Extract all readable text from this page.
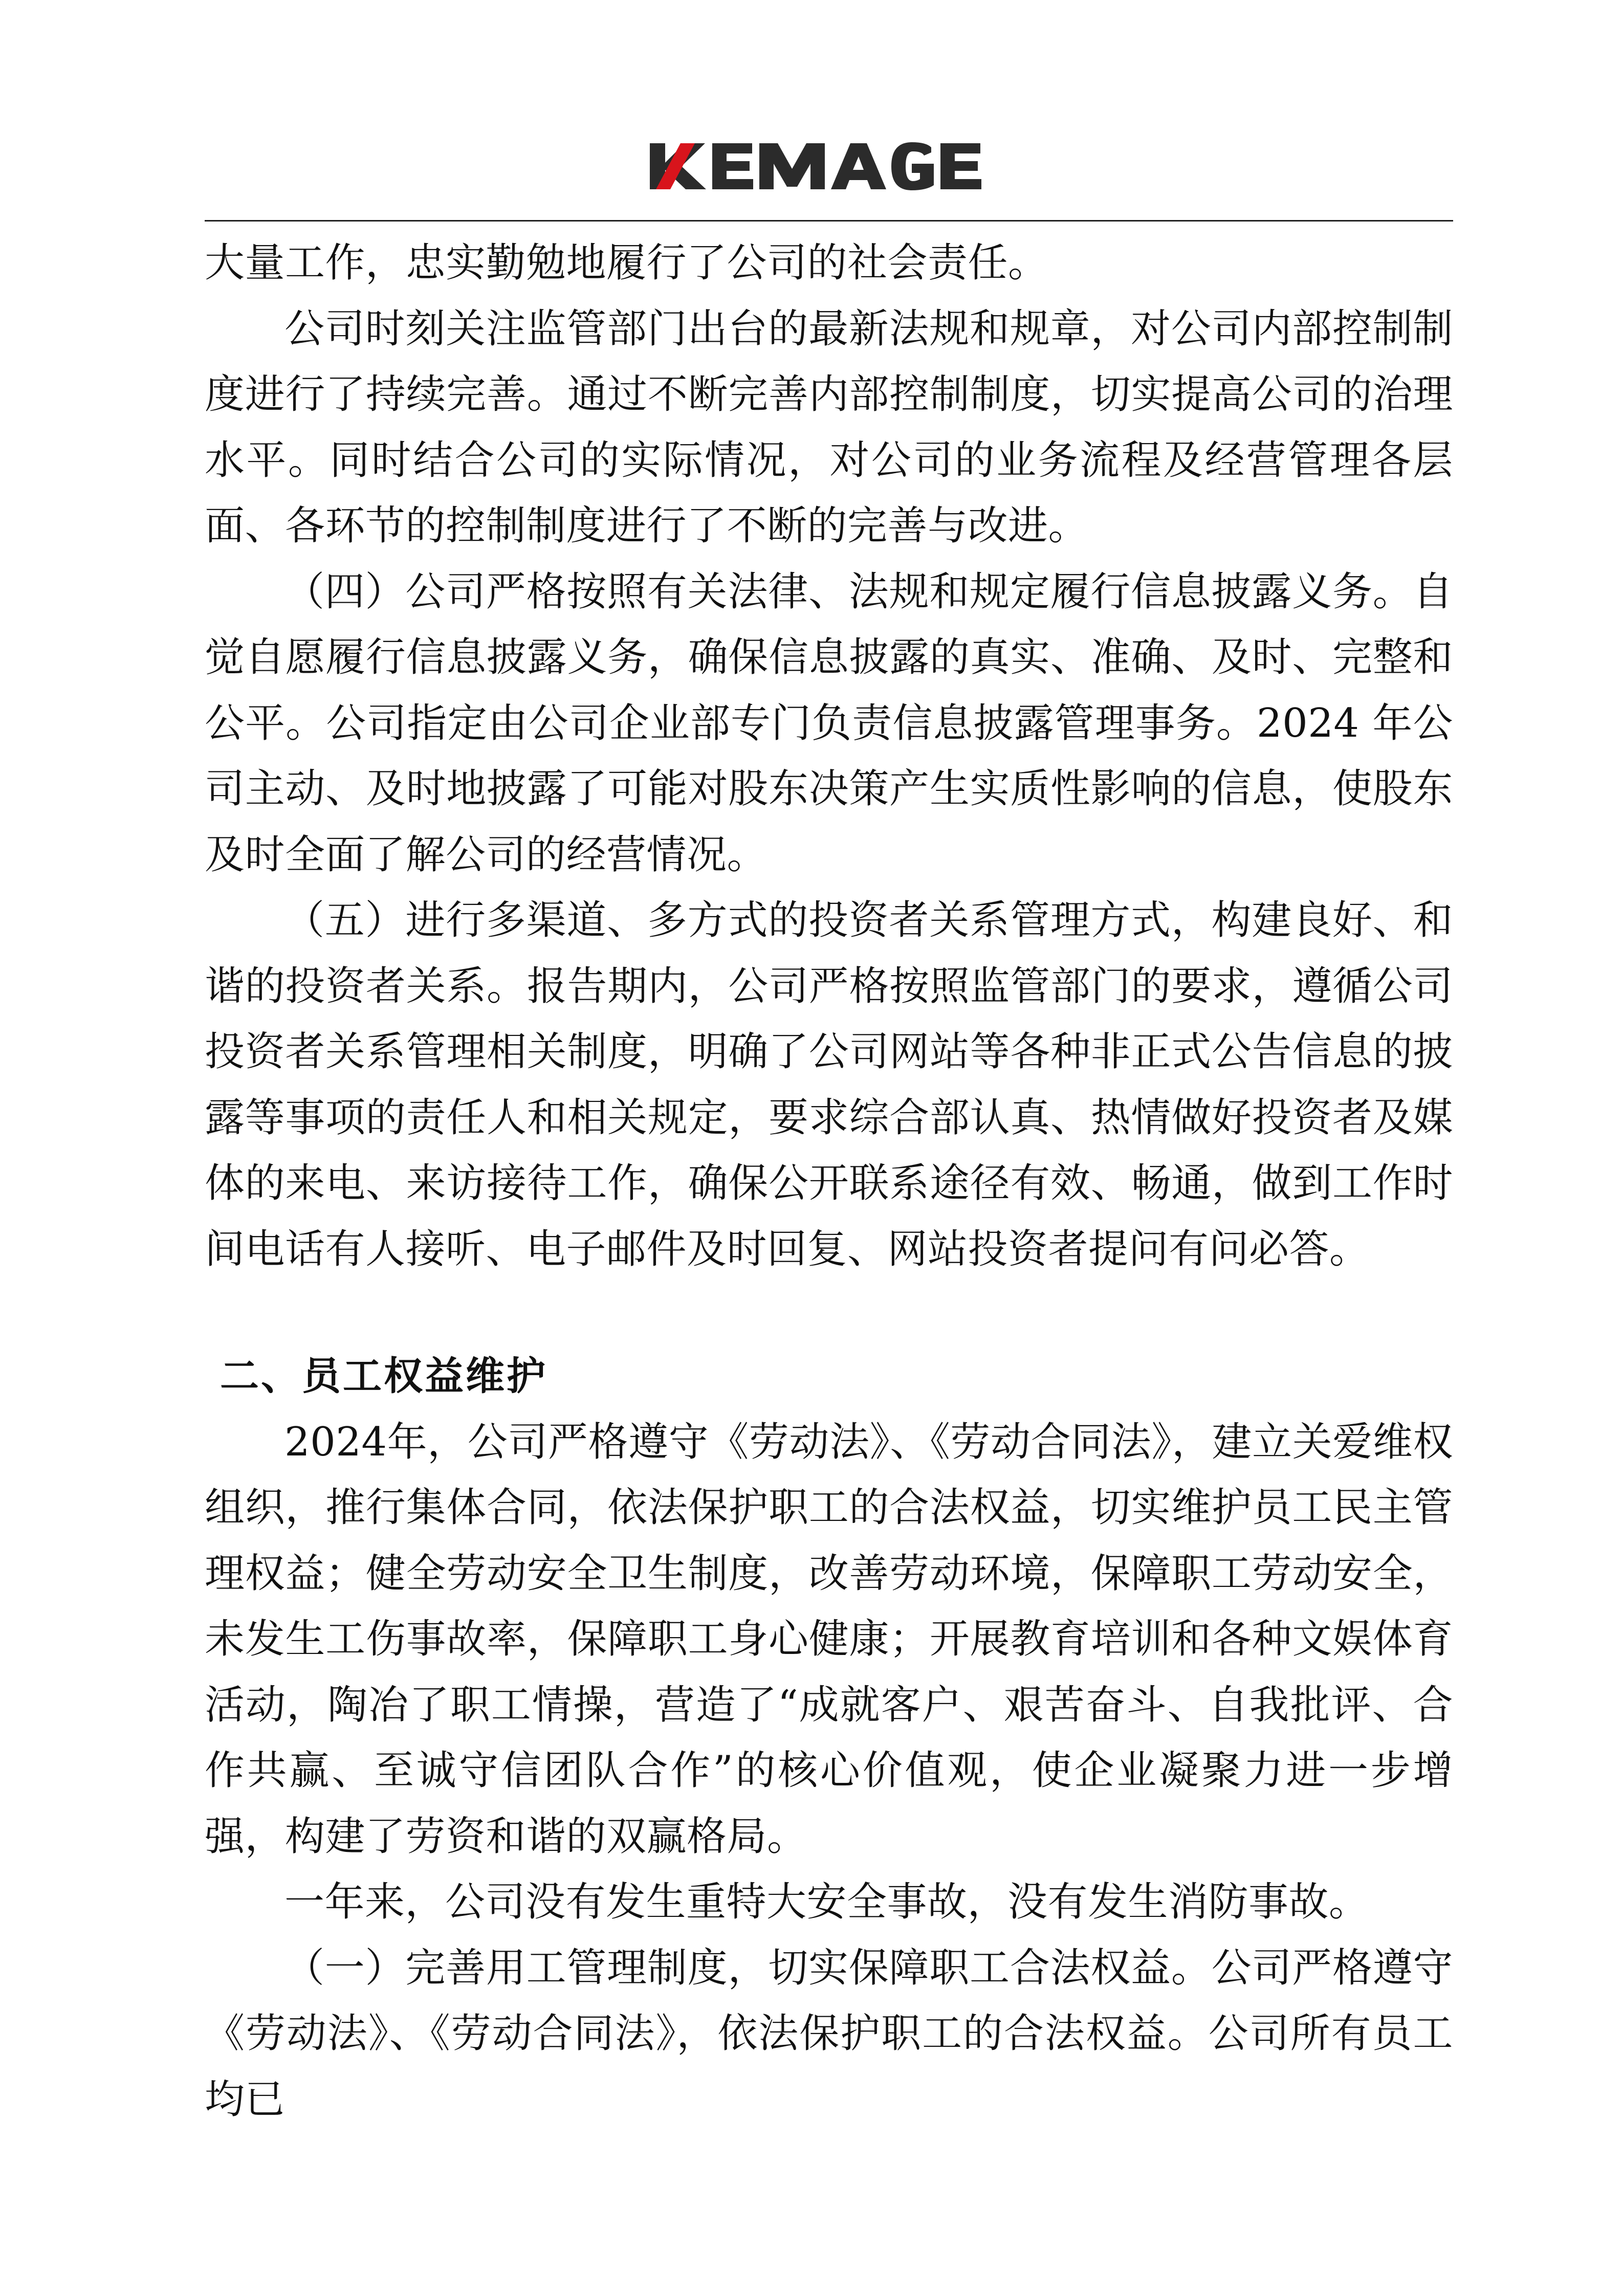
大量工作，忠实勤勉地履行了公司的社会责任。

公司时刻关注监管部门出台的最新法规和规章，对公司内部控制制度进行了持续完善。通过不断完善内部控制制度，切实提高公司的治理水平。同时结合公司的实际情况，对公司的业务流程及经营管理各层面、各环节的控制制度进行了不断的完善与改进。

（四）公司严格按照有关法律、法规和规定履行信息披露义务。自觉自愿履行信息披露义务，确保信息披露的真实、准确、及时、完整和公平。公司指定由公司企业部专门负责信息披露管理事务。2024 年公司主动、及时地披露了可能对股东决策产生实质性影响的信息，使股东及时全面了解公司的经营情况。

（五）进行多渠道、多方式的投资者关系管理方式，构建良好、和谐的投资者关系。报告期内，公司严格按照监管部门的要求，遵循公司投资者关系管理相关制度，明确了公司网站等各种非正式公告信息的披露等事项的责任人和相关规定，要求综合部认真、热情做好投资者及媒体的来电、来访接待工作，确保公开联系途径有效、畅通，做到工作时间电话有人接听、电子邮件及时回复、网站投资者提问有问必答。

二、员工权益维护

2024年，公司严格遵守《劳动法》、《劳动合同法》，建立关爱维权组织，推行集体合同，依法保护职工的合法权益，切实维护员工民主管理权益；健全劳动安全卫生制度，改善劳动环境，保障职工劳动安全，未发生工伤事故率，保障职工身心健康；开展教育培训和各种文娱体育活动，陶冶了职工情操，营造了“成就客户、艰苦奋斗、自我批评、合作共赢、至诚守信团队合作”的核心价值观，使企业凝聚力进一步增强，构建了劳资和谐的双赢格局。

一年来，公司没有发生重特大安全事故，没有发生消防事故。

（一）完善用工管理制度，切实保障职工合法权益。公司严格遵守《劳动法》、《劳动合同法》，依法保护职工的合法权益。公司所有员工均已
